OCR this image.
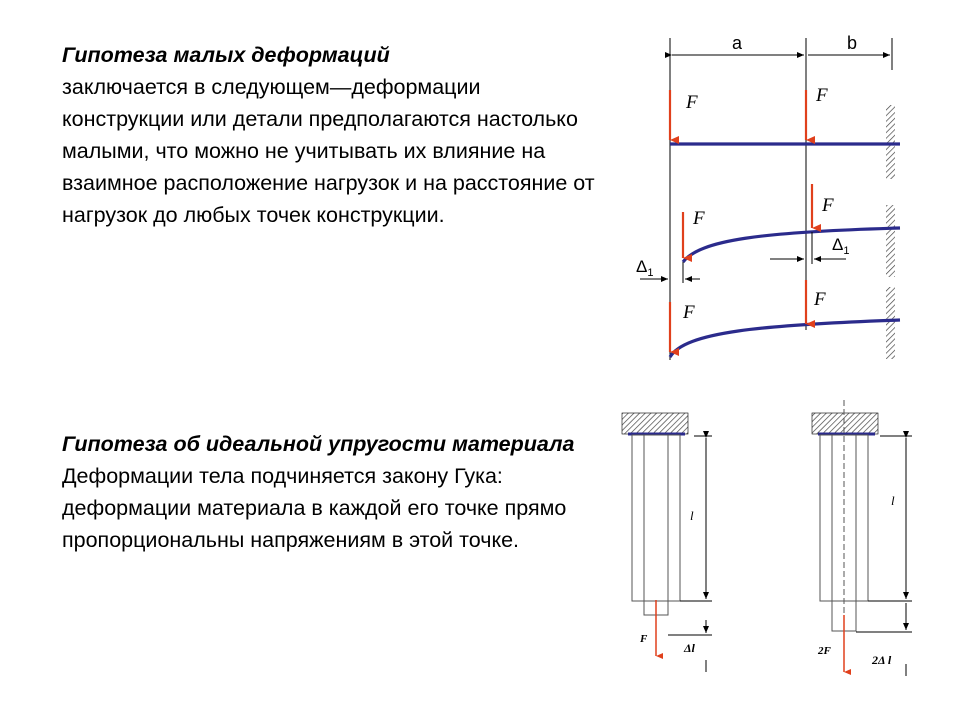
Гипотеза малых деформаций
заключается в следующем—деформации конструкции или детали предполагаются настолько малыми, что можно не учитывать их влияние на взаимное расположение нагрузок и на расстояние от нагрузок до любых точек конструкции.
Гипотеза об идеальной упругости материала
Деформации тела подчиняется закону Гука: деформации материала в каждой его точке прямо пропорциональны напряжениям в этой точке.
a	b
F	F
F
F
$\Delta_1$
$\Delta_1$
F
F
F
l
Δl	2F
l
2Δ l
